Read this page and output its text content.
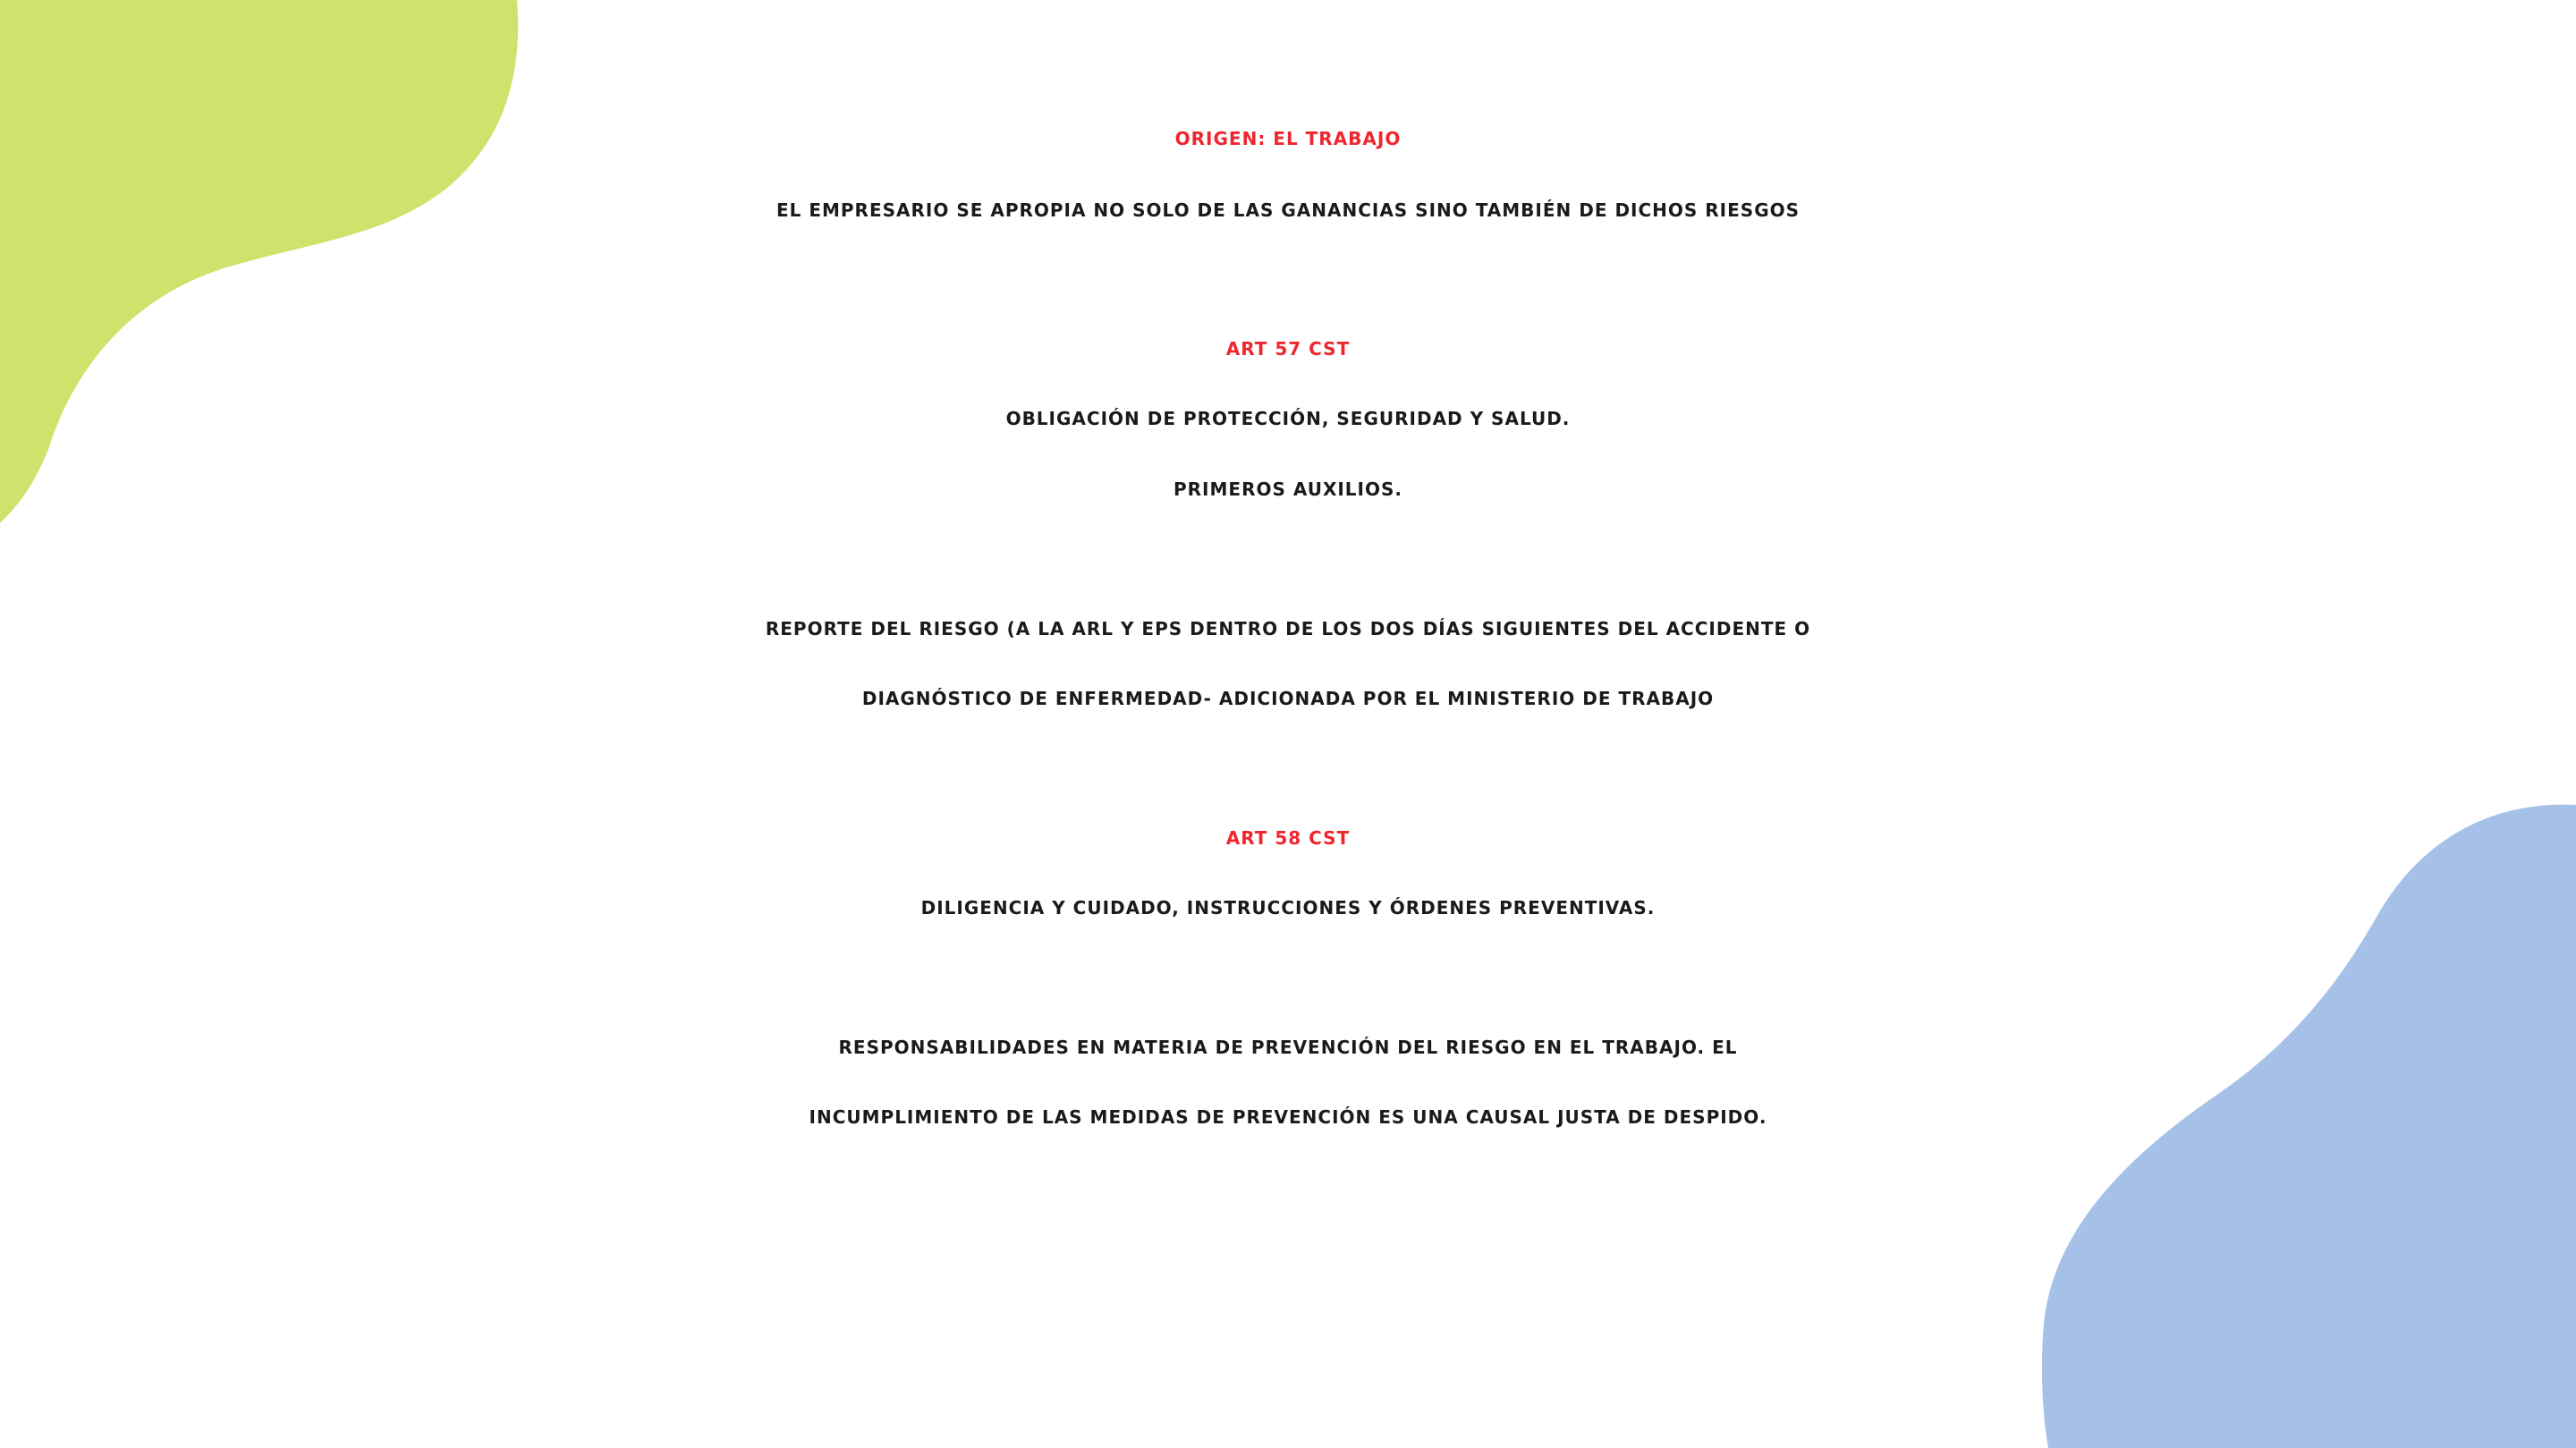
ORIGEN: EL TRABAJO
EL EMPRESARIO SE APROPIA NO SOLO DE LAS GANANCIAS SINO TAMBIÉN DE DICHOS RIESGOS
ART 57 CST
OBLIGACIÓN DE PROTECCIÓN, SEGURIDAD Y SALUD.
PRIMEROS AUXILIOS.
REPORTE DEL RIESGO (A LA ARL Y EPS DENTRO DE LOS DOS DÍAS SIGUIENTES DEL ACCIDENTE O
DIAGNÓSTICO DE ENFERMEDAD- ADICIONADA POR EL MINISTERIO DE TRABAJO
ART 58 CST
DILIGENCIA Y CUIDADO, INSTRUCCIONES Y ÓRDENES PREVENTIVAS.
RESPONSABILIDADES EN MATERIA DE PREVENCIÓN DEL RIESGO EN EL TRABAJO. EL
INCUMPLIMIENTO DE LAS MEDIDAS DE PREVENCIÓN ES UNA CAUSAL JUSTA DE DESPIDO.
